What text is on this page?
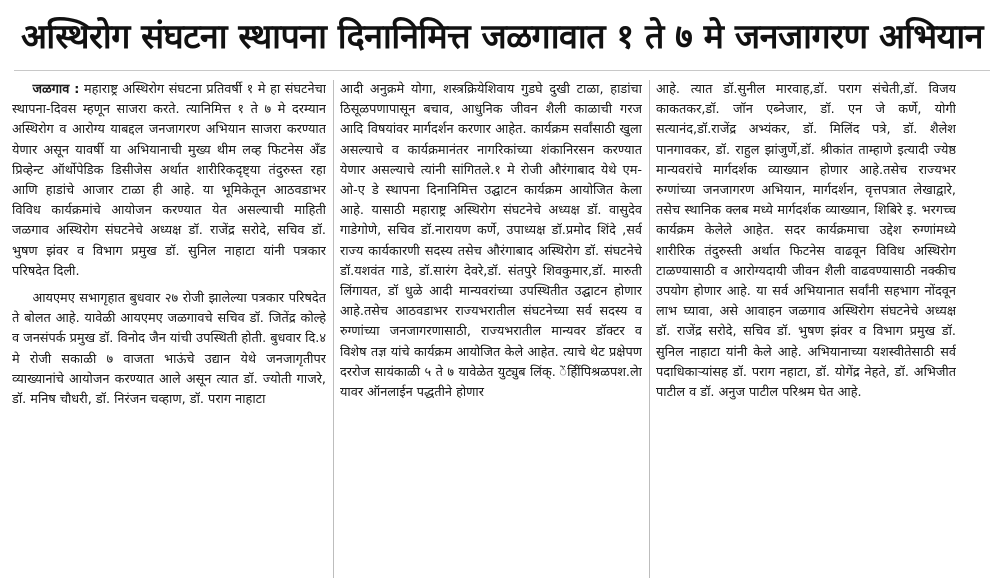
अस्थिरोग संघटना स्थापना दिनानिमित्त जळगावात १ ते ७ मे जनजागरण अभियान

जळगाव : महाराष्ट्र अस्थिरोग संघटना प्रतिवर्षी १ मे हा संघटनेचा स्थापना-दिवस म्हणून साजरा करते. त्यानिमित्त १ ते ७ मे दरम्यान अस्थिरोग व आरोग्य याबद्दल जनजागरण अभियान साजरा करण्यात येणार असून यावर्षी या अभियानाची मुख्य थीम लव्ह फिटनेस अँड प्रिव्हेन्ट ऑर्थोपेडिक डिसीजेस अर्थात शारीरिकदृष्ट्या तंदुरुस्त रहा आणि हाडांचे आजार टाळा ही आहे. या भूमिकेतून आठवडाभर विविध कार्यक्रमांचे आयोजन करण्यात येत असल्याची माहिती जळगाव अस्थिरोग संघटनेचे अध्यक्ष डॉ. राजेंद्र सरोदे, सचिव डॉ. भुषण झंवर व विभाग प्रमुख डॉ. सुनिल नाहाटा यांनी पत्रकार परिषदेत दिली.

आयएमए सभागृहात बुधवार २७ रोजी झालेल्या पत्रकार परिषदेत ते बोलत आहे. यावेळी आयएमए जळगावचे सचिव डॉ. जितेंद्र कोल्हे व जनसंपर्क प्रमुख डॉ. विनोद जैन यांची उपस्थिती होती. बुधवार दि.४ मे रोजी सकाळी ७ वाजता भाऊंचे उद्यान येथे जनजागृतीपर व्याख्यानांचे आयोजन करण्यात आले असून त्यात डॉ. ज्योती गाजरे, डॉ. मनिष चौधरी, डॉ. निरंजन चव्हाण, डॉ. पराग नाहाटा

आदी अनुक्रमे योगा, शस्त्रक्रियेशिवाय गुडघे दुखी टाळा, हाडांचा ठिसूळपणापासून बचाव, आधुनिक जीवन शैली काळाची गरज आदि विषयांवर मार्गदर्शन करणार आहेत. कार्यक्रम सर्वांसाठी खुला असल्याचे व कार्यक्रमानंतर नागरिकांच्या शंकानिरसन करण्यात येणार असल्याचे त्यांनी सांगितले.१ मे रोजी औरंगाबाद येथे एम-ओ-ए डे स्थापना दिनानिमित्त उद्घाटन कार्यक्रम आयोजित केला आहे. यासाठी महाराष्ट्र अस्थिरोग संघटनेचे अध्यक्ष डॉ. वासुदेव गाडेगोणे, सचिव डॉ.नारायण कर्णे, उपाध्यक्ष डॉ.प्रमोद शिंदे ,सर्व राज्य कार्यकारणी सदस्य तसेच औरंगाबाद अस्थिरोग डॉ. संघटनेचे डॉ.यशवंत गाडे, डॉ.सारंग देवरे,डॉ. संतपुरे शिवकुमार,डॉ. मारुती लिंगायत, डॉ धुळे आदी मान्यवरांच्या उपस्थितीत उद्घाटन होणार आहे.तसेच आठवडाभर राज्यभरातील संघटनेच्या सर्व सदस्य व रुग्णांच्या जनजागरणासाठी, राज्यभरातील मान्यवर डॉक्टर व विशेष तज्ञ यांचे कार्यक्रम आयोजित केले आहेत. त्याचे थेट प्रक्षेपण दररोज सायंकाळी ५ ते ७ यावेळेत युट्युब लिंक्‌. ेंहिींपिश्रळपश.लेा यावर ऑनलाईन पद्धतीने होणार

आहे. त्यात डॉ.सुनील मारवाह,डॉ. पराग संचेती,डॉ. विजय काकतकर,डॉ. जॉन एब्नेजार, डॉ. एन जे कर्णे, योगी सत्यानंद,डॉ.राजेंद्र अभ्यंकर, डॉ. मिलिंद पत्रे, डॉ. शैलेश पानगावकर, डॉ. राहुल झांजुर्णे,डॉ. श्रीकांत ताम्हाणे इत्यादी ज्येष्ठ मान्यवरांचे मार्गदर्शक व्याख्यान होणार आहे.तसेच राज्यभर रुग्णांच्या जनजागरण अभियान, मार्गदर्शन, वृत्तपत्रात लेखाद्वारे, तसेच स्थानिक क्लब मध्ये मार्गदर्शक व्याख्यान, शिबिरे इ. भरगच्च कार्यक्रम केलेले आहेत. सदर कार्यक्रमाचा उद्देश रुग्णांमध्ये शारीरिक तंदुरुस्ती अर्थात फिटनेस वाढवून विविध अस्थिरोग टाळण्यासाठी व आरोग्यदायी जीवन शैली वाढवण्यासाठी नक्कीच उपयोग होणार आहे. या सर्व अभियानात सर्वांनी सहभाग नोंदवून लाभ घ्यावा, असे आवाहन जळगाव अस्थिरोग संघटनेचे अध्यक्ष डॉ. राजेंद्र सरोदे, सचिव डॉ. भुषण झंवर व विभाग प्रमुख डॉ. सुनिल नाहाटा यांनी केले आहे. अभियानाच्या यशस्वीतेसाठी सर्व पदाधिकाऱ्यांसह डॉ. पराग नहाटा, डॉ. योगेंद्र नेहते, डॉ. अभिजीत पाटील व डॉ. अनुज पाटील परिश्रम घेत आहे.
